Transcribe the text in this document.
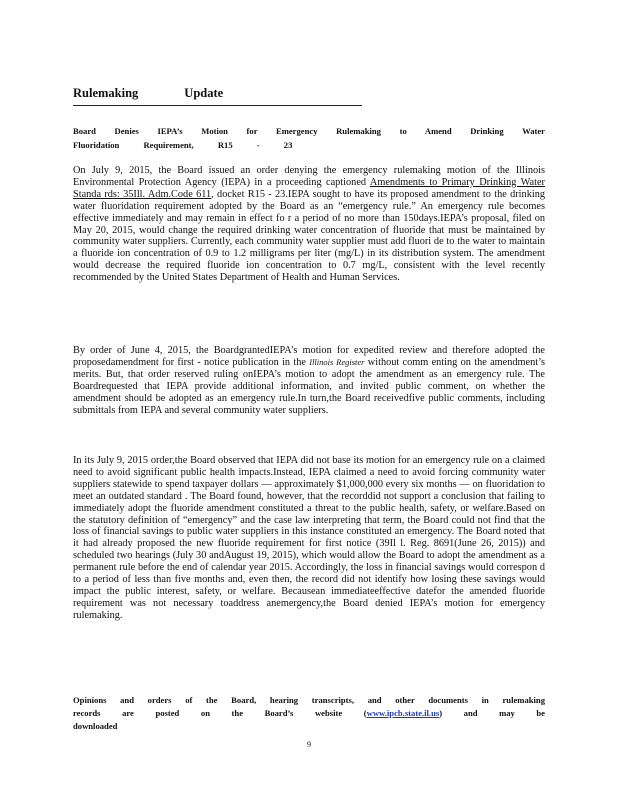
Rulemaking	Update
Board Denies IEPA’s Motion for Emergency Rulemaking to Amend Drinking Water
Fluoridation Requirement, R15 - 23
On July 9, 2015, the Board issued an order denying the emergency rulemaking motion of the Illinois Environmental Protection Agency (IEPA) in a proceeding captioned Amendments to Primary Drinking Water Standa rds: 35Ill. Adm.Code 611, docket R15 - 23.IEPA sought to have its proposed amendment to the drinking water fluoridation requirement adopted by the Board as an “emergency rule.” An emergency rule becomes effective immediately and may remain in effect fo r a period of no more than 150days.IEPA’s proposal, filed on May 20, 2015, would change the required drinking water concentration of fluoride that must be maintained by community water suppliers. Currently, each community water supplier must add fluori de to the water to maintain a fluoride ion concentration of 0.9 to 1.2 milligrams per liter (mg/L) in its distribution system. The amendment would decrease the required fluoride ion concentration to 0.7 mg/L, consistent with the level recently recommended by the United States Department of Health and Human Services.
By order of June 4, 2015, the BoardgrantedIEPA’s motion for expedited review and therefore adopted the proposedamendment for first - notice publication in the Illinois Register without comm enting on the amendment’s merits. But, that order reserved ruling onIEPA’s motion to adopt the amendment as an emergency rule. The Boardrequested that IEPA provide additional information, and invited public comment, on whether the amendment should be adopted as an emergency rule.In turn,the Board receivedfive public comments, including submittals from IEPA and several community water suppliers.
In its July 9, 2015 order,the Board observed that IEPA did not base its motion for an emergency rule on a claimed need to avoid significant public health impacts.Instead, IEPA claimed a need to avoid forcing community water suppliers statewide to spend taxpayer dollars — approximately $1,000,000 every six months — on fluoridation to meet an outdated standard . The Board found, however, that the recorddid not support a conclusion that failing to immediately adopt the fluoride amendment constituted a threat to the public health, safety, or welfare.Based on the statutory definition of “emergency” and the case law interpreting that term, the Board could not find that the loss of financial savings to public water suppliers in this instance constituted an emergency. The Board noted that it had already proposed the new fluoride requirement for first notice (39Il l. Reg. 8691(June 26, 2015)) and scheduled two hearings (July 30 andAugust 19, 2015), which would allow the Board to adopt the amendment as a permanent rule before the end of calendar year 2015. Accordingly, the loss in financial savings would correspon d to a period of less than five months and, even then, the record did not identify how losing these savings would impact the public interest, safety, or welfare. Becausean immediateeffective datefor the amended fluoride requirement was not necessary toaddress anemergency,the Board denied IEPA’s motion for emergency rulemaking.
Opinions and orders of the Board, hearing transcripts, and other documents in rulemaking
records are posted on the Board’s website (www.ipcb.state.il.us) and may be downloaded
9
